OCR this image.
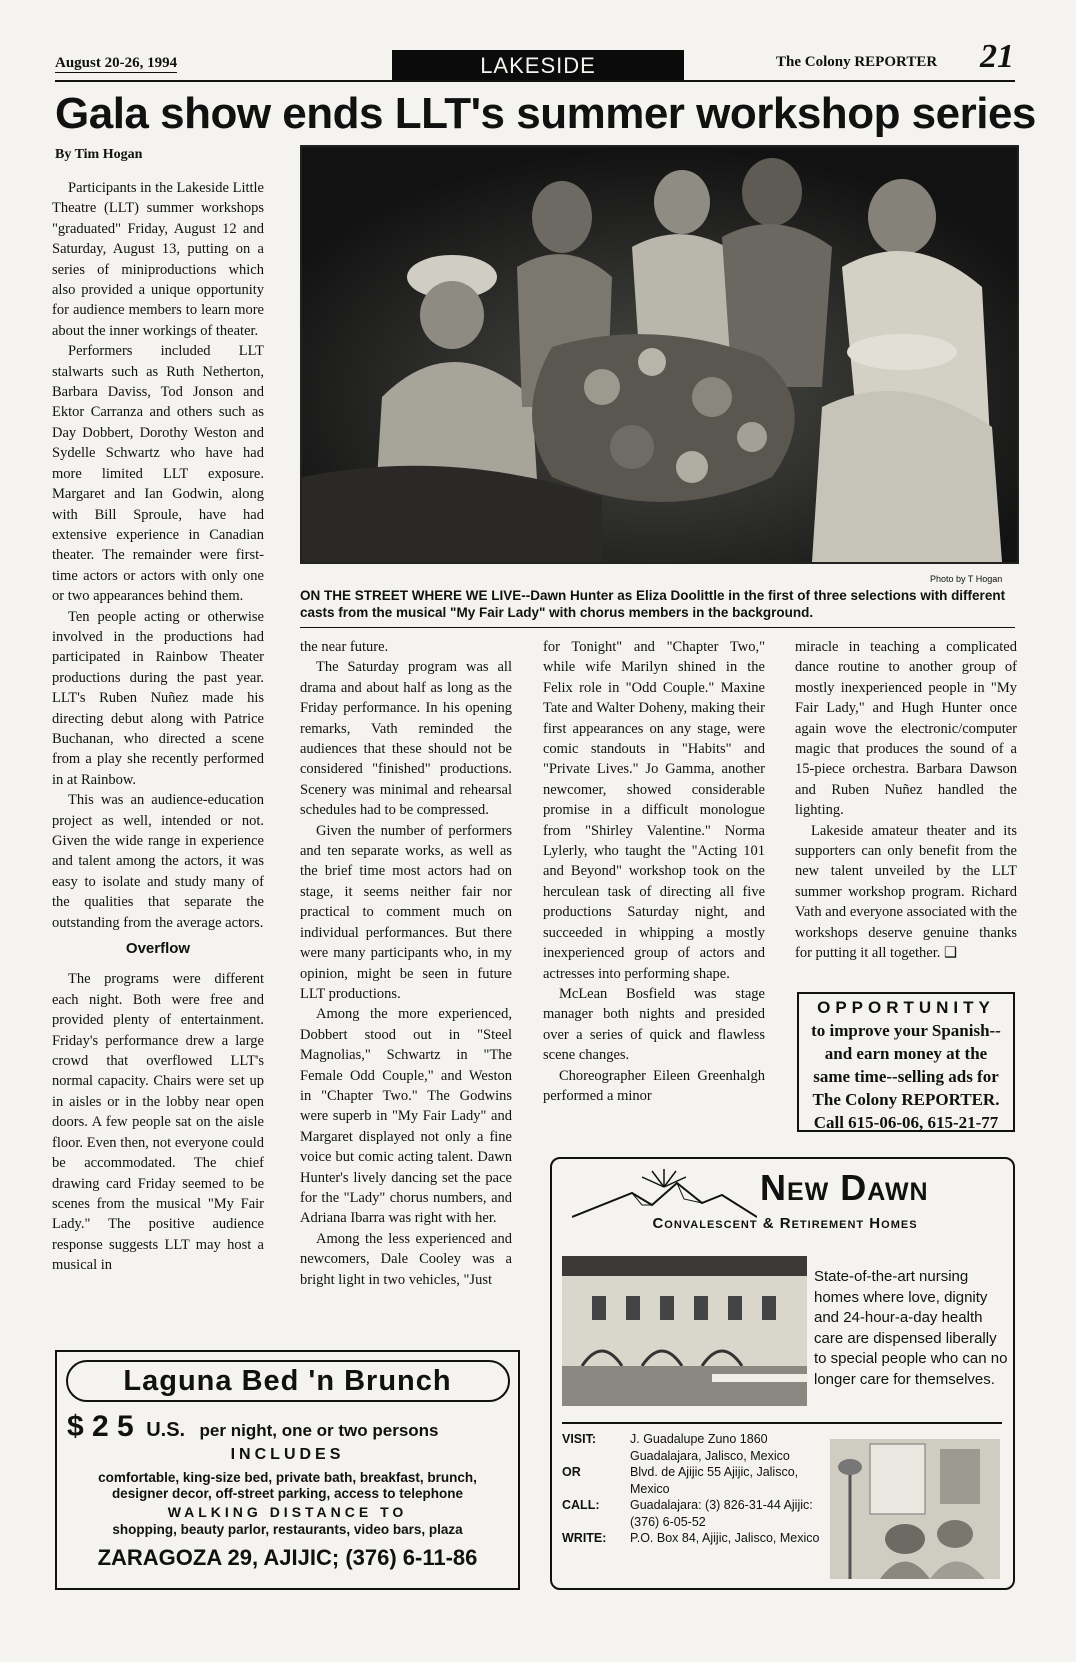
August 20-26, 1994	LAKESIDE	The Colony REPORTER 21
Gala show ends LLT's summer workshop series
By Tim Hogan

Participants in the Lakeside Little Theatre (LLT) summer workshops "graduated" Friday, August 12 and Saturday, August 13, putting on a series of miniproductions which also provided a unique opportunity for audience members to learn more about the inner workings of theater.

Performers included LLT stalwarts such as Ruth Netherton, Barbara Daviss, Tod Jonson and Ektor Carranza and others such as Day Dobbert, Dorothy Weston and Sydelle Schwartz who have had more limited LLT exposure. Margaret and Ian Godwin, along with Bill Sproule, have had extensive experience in Canadian theater. The remainder were first-time actors or actors with only one or two appearances behind them.

Ten people acting or otherwise involved in the productions had participated in Rainbow Theater productions during the past year. LLT's Ruben Nuñez made his directing debut along with Patrice Buchanan, who directed a scene from a play she recently performed in at Rainbow.

This was an audience-education project as well, intended or not. Given the wide range in experience and talent among the actors, it was easy to isolate and study many of the qualities that separate the outstanding from the average actors.

Overflow

The programs were different each night. Both were free and provided plenty of entertainment. Friday's performance drew a large crowd that overflowed LLT's normal capacity. Chairs were set up in aisles or in the lobby near open doors. A few people sat on the aisle floor. Even then, not everyone could be accommodated. The chief drawing card Friday seemed to be scenes from the musical "My Fair Lady." The positive audience response suggests LLT may host a musical in

Photo by T Hogan
ON THE STREET WHERE WE LIVE--Dawn Hunter as Eliza Doolittle in the first of three selections with different casts from the musical "My Fair Lady" with chorus members in the background.

the near future.

The Saturday program was all drama and about half as long as the Friday performance. In his opening remarks, Vath reminded the audiences that these should not be considered "finished" productions. Scenery was minimal and rehearsal schedules had to be compressed.

Given the number of performers and ten separate works, as well as the brief time most actors had on stage, it seems neither fair nor practical to comment much on individual performances. But there were many participants who, in my opinion, might be seen in future LLT productions.

Among the more experienced, Dobbert stood out in "Steel Magnolias," Schwartz in "The Female Odd Couple," and Weston in "Chapter Two." The Godwins were superb in "My Fair Lady" and Margaret displayed not only a fine voice but comic acting talent. Dawn Hunter's lively dancing set the pace for the "Lady" chorus numbers, and Adriana Ibarra was right with her.

Among the less experienced and newcomers, Dale Cooley was a bright light in two vehicles, "Just

for Tonight" and "Chapter Two," while wife Marilyn shined in the Felix role in "Odd Couple." Maxine Tate and Walter Doheny, making their first appearances on any stage, were comic standouts in "Habits" and "Private Lives." Jo Gamma, another newcomer, showed considerable promise in a difficult monologue from "Shirley Valentine." Norma Lylerly, who taught the "Acting 101 and Beyond" workshop took on the herculean task of directing all five productions Saturday night, and succeeded in whipping a mostly inexperienced group of actors and actresses into performing shape.

McLean Bosfield was stage manager both nights and presided over a series of quick and flawless scene changes.

Choreographer Eileen Greenhalgh performed a minor

miracle in teaching a complicated dance routine to another group of mostly inexperienced people in "My Fair Lady," and Hugh Hunter once again wove the electronic/computer magic that produces the sound of a 15-piece orchestra. Barbara Dawson and Ruben Nuñez handled the lighting.

Lakeside amateur theater and its supporters can only benefit from the new talent unveiled by the LLT summer workshop program. Richard Vath and everyone associated with the workshops deserve genuine thanks for putting it all together. ❑

OPPORTUNITY
to improve your Spanish--
and earn money at the
same time--selling ads for
The Colony REPORTER.
Call 615-06-06, 615-21-77
Laguna Bed 'n Brunch
$ 2 5 U.S. per night, one or two persons
INCLUDES
comfortable, king-size bed, private bath, breakfast, brunch, designer decor, off-street parking, access to telephone
WALKING DISTANCE TO
shopping, beauty parlor, restaurants, video bars, plaza
ZARAGOZA 29, AJIJIC; (376) 6-11-86
New Dawn
Convalescent & Retirement Homes
State-of-the-art nursing homes where love, dignity and 24-hour-a-day health care are dispensed liberally to special people who can no longer care for themselves.
VISIT:	J. Guadalupe Zuno 1860 Guadalajara, Jalisco, Mexico
OR	Blvd. de Ajijic 55 Ajijic, Jalisco, Mexico
CALL:	Guadalajara: (3) 826-31-44 Ajijic: (376) 6-05-52
WRITE:	P.O. Box 84, Ajijic, Jalisco, Mexico
